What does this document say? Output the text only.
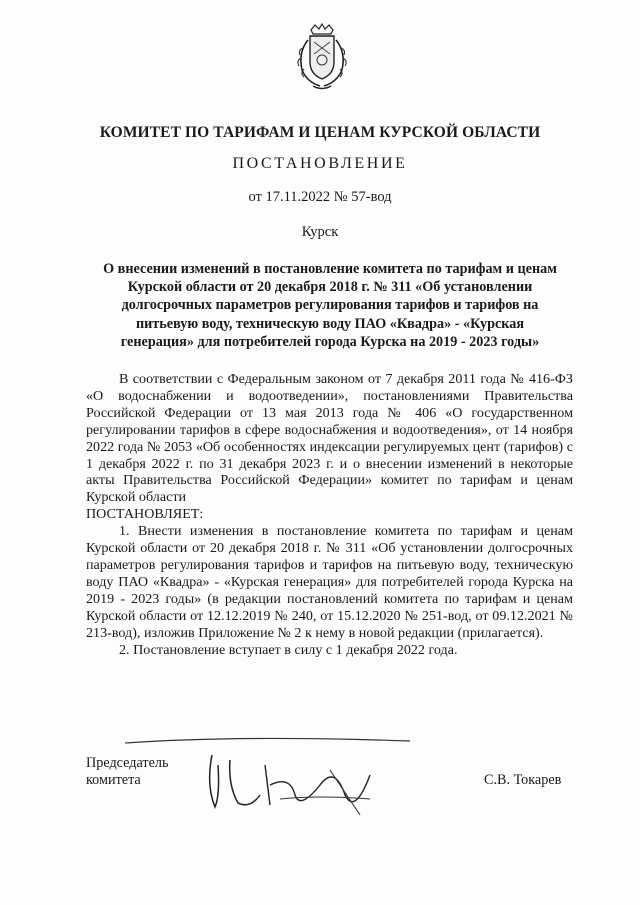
КОМИТЕТ ПО ТАРИФАМ И ЦЕНАМ КУРСКОЙ ОБЛАСТИ
ПОСТАНОВЛЕНИЕ
от 17.11.2022 № 57-вод
Курск
О внесении изменений в постановление комитета по тарифам и ценам
Курской области от 20 декабря 2018 г. № 311 «Об установлении
долгосрочных параметров регулирования тарифов и тарифов на
питьевую воду, техническую воду ПАО «Квадра» - «Курская
генерация» для потребителей города Курска на 2019 - 2023 годы»

В соответствии с Федеральным законом от 7 декабря 2011 года № 416-ФЗ «О водоснабжении и водоотведении», постановлениями Правительства Российской Федерации от 13 мая 2013 года № 406 «О государственном регулировании тарифов в сфере водоснабжения и водоотведения», от 14 ноября 2022 года № 2053 «Об особенностях индексации регулируемых цент (тарифов) с 1 декабря 2022 г. по 31 декабря 2023 г. и о внесении изменений в некоторые акты Правительства Российской Федерации» комитет по тарифам и ценам Курской области

ПОСТАНОВЛЯЕТ:

1. Внести изменения в постановление комитета по тарифам и ценам Курской области от 20 декабря 2018 г. № 311 «Об установлении долгосрочных параметров регулирования тарифов и тарифов на питьевую воду, техническую воду ПАО «Квадра» - «Курская генерация» для потребителей города Курска на 2019 - 2023 годы» (в редакции постановлений комитета по тарифам и ценам Курской области от 12.12.2019 № 240, от 15.12.2020 № 251-вод, от 09.12.2021 № 213-вод), изложив Приложение № 2 к нему в новой редакции (прилагается).

2. Постановление вступает в силу с 1 декабря 2022 года.

Председатель
комитета	С.В. Токарев
